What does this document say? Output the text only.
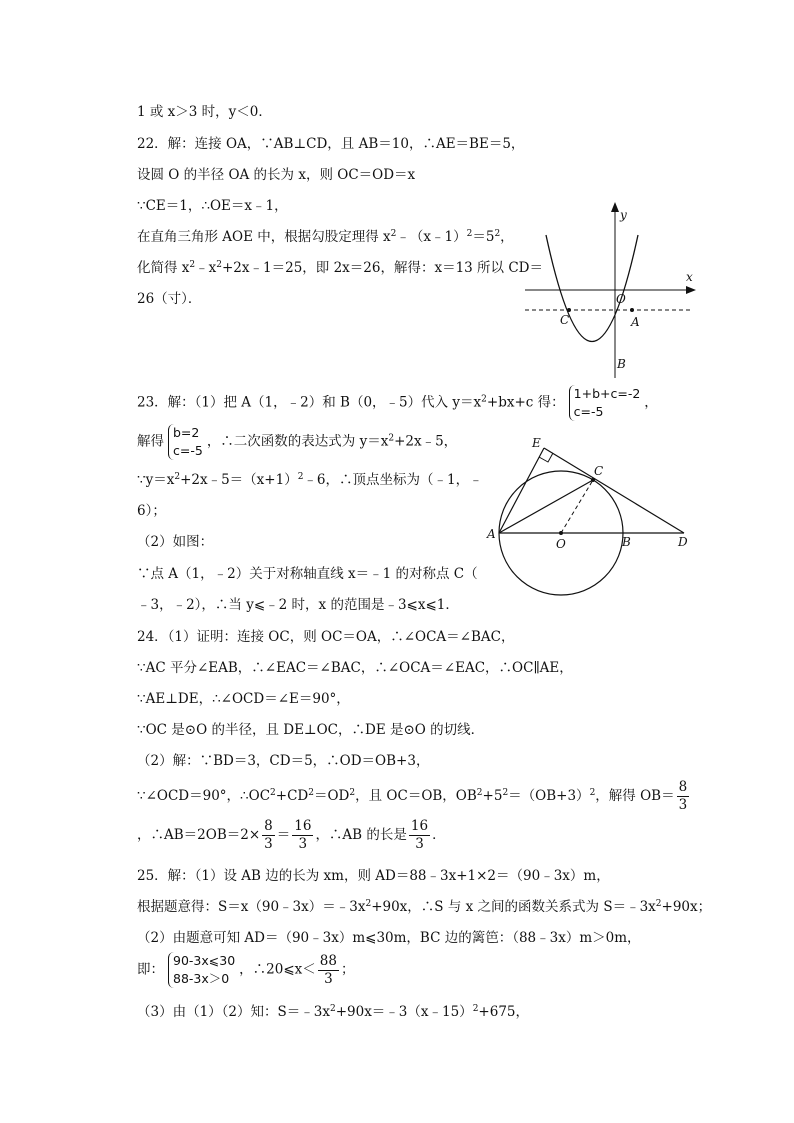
1 或 x＞3 时，y＜0．
22．解：连接 OA，∵AB⊥CD，且 AB＝10，∴AE＝BE＝5，
设圆 O 的半径 OA 的长为 x，则 OC＝OD＝x
∵CE＝1，∴OE＝x﹣1，
在直角三角形 AOE 中，根据勾股定理得 $x^2﹣(x﹣1)^2=5^2$，
化简得 $x^2﹣x^2+2x﹣1=25$，即 2x＝26，解得：x＝13 所以 CD＝
26（寸）．
x
y
O
C	A
B
23．解：（1）把 A（1，﹣2）和 B（0，﹣5）代入 $y=x^2+bx+c$ 得：
1+b+c=-2
c=-5
，
解得
b=2
c=-5
，∴二次函数的表达式为 $y=x^2+2x﹣5$，
$\because y=x^2+2x﹣5=(x+1)^2﹣6$，∴顶点坐标为（﹣1，﹣
6）；
（2）如图：
∵点 A（1，﹣2）关于对称轴直线 x＝﹣1 的对称点 C（
﹣3，﹣2），∴当 y⩽﹣2 时，x 的范围是﹣3⩽x⩽1．
E
C
A
O	B	D
24．（1）证明：连接 OC，则 OC＝OA，∴∠OCA＝∠BAC，
∵AC 平分∠EAB，∴∠EAC＝∠BAC，∴∠OCA＝∠EAC，∴OC∥AE，
∵AE⊥DE，∴∠OCD＝∠E＝90°，
∵OC 是⊙O 的半径，且 DE⊥OC，∴DE 是⊙O 的切线．
（2）解：∵BD＝3，CD＝5，∴OD＝OB+3，
∵∠OCD＝90°，$\therefore OC^2+CD^2=OD^2$，且 OC＝OB，$OB^2+5^2=(OB+3)^2$，解得 $OB= \frac{8}{3}$
，∴AB＝2OB＝2× $\frac{8}{3} = \frac{16}{3}$ ，∴AB 的长是 $\frac{16}{3}$ ．
25．解：（1）设 AB 边的长为 xm，则 AD＝88﹣3x+1×2＝（90﹣3x）m，
根据题意得：$S=x(90﹣3x)=﹣3x^2+90x$，∴S 与 x 之间的函数关系式为 $S=﹣3x^2+90x$；
（2）由题意可知 AD＝（90﹣3x）m⩽30m，BC 边的篱笆：（88﹣3x）m＞0m，
即：
90-3x⩽30
88-3x＞0
，∴20⩽x＜ $\frac{88}{3}$ ；
（3）由（1）（2）知：$S=﹣3x^2+90x=﹣3(x﹣15)^2+675$，
